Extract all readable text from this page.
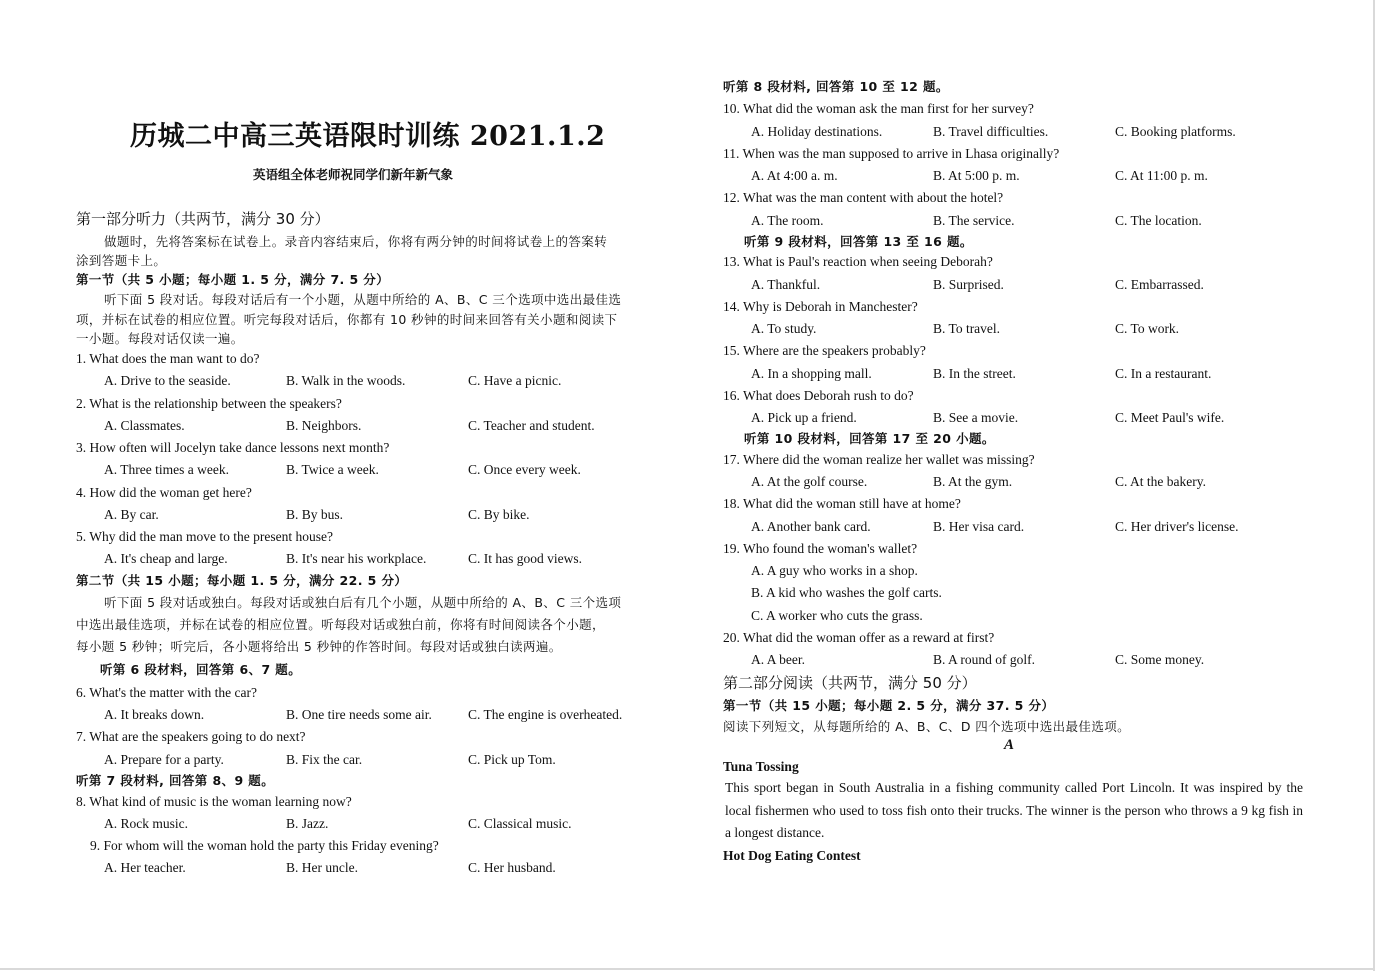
历城二中高三英语限时训练 2021.1.2
英语组全体老师祝同学们新年新气象
第一部分听力（共两节，满分 30 分）
做题时，先将答案标在试卷上。录音内容结束后，你将有两分钟的时间将试卷上的答案转
涂到答题卡上。
第一节（共 5 小题；每小题 1. 5 分，满分 7. 5 分）
听下面 5 段对话。每段对话后有一个小题，从题中所给的 A、B、C 三个选项中选出最佳选
项，并标在试卷的相应位置。听完每段对话后，你都有 10 秒钟的时间来回答有关小题和阅读下
一小题。每段对话仅读一遍。
1. What does the man want to do?
A. Drive to the seaside.	B. Walk in the woods.	C. Have a picnic.
2. What is the relationship between the speakers?
A. Classmates.	B. Neighbors.	C. Teacher and student.
3. How often will Jocelyn take dance lessons next month?
A. Three times a week.	B. Twice a week.	C. Once every week.
4. How did the woman get here?
A. By car.	B. By bus.	C. By bike.
5. Why did the man move to the present house?
A. It's cheap and large.	B. It's near his workplace.	C. It has good views.
第二节（共 15 小题；每小题 1. 5 分，满分 22. 5 分）
听下面 5 段对话或独白。每段对话或独白后有几个小题，从题中所给的 A、B、C 三个选项
中选出最佳选项，并标在试卷的相应位置。听每段对话或独白前，你将有时间阅读各个小题，
每小题 5 秒钟；听完后，各小题将给出 5 秒钟的作答时间。每段对话或独白读两遍。
听第 6 段材料，回答第 6、7 题。
6. What's the matter with the car?
A. It breaks down.	B. One tire needs some air.	C. The engine is overheated.
7. What are the speakers going to do next?
A. Prepare for a party.	B. Fix the car.	C. Pick up Tom.
听第 7 段材料, 回答第 8、9 题。
8. What kind of music is the woman learning now?
A. Rock music.	B. Jazz.	C. Classical music.
9. For whom will the woman hold the party this Friday evening?
A. Her teacher.	B. Her uncle.	C. Her husband.
听第 8 段材料, 回答第 10 至 12 题。
10. What did the woman ask the man first for her survey?
A. Holiday destinations.	B. Travel difficulties.	C. Booking platforms.
11. When was the man supposed to arrive in Lhasa originally?
A. At 4:00 a. m.	B. At 5:00 p. m.	C. At 11:00 p. m.
12. What was the man content with about the hotel?
A. The room.	B. The service.	C. The location.
听第 9 段材料，回答第 13 至 16 题。
13. What is Paul's reaction when seeing Deborah?
A. Thankful.	B. Surprised.	C. Embarrassed.
14. Why is Deborah in Manchester?
A. To study.	B. To travel.	C. To work.
15. Where are the speakers probably?
A. In a shopping mall.	B. In the street.	C. In a restaurant.
16. What does Deborah rush to do?
A. Pick up a friend.	B. See a movie.	C. Meet Paul's wife.
听第 10 段材料，回答第 17 至 20 小题。
17. Where did the woman realize her wallet was missing?
A. At the golf course.	B. At the gym.	C. At the bakery.
18. What did the woman still have at home?
A. Another bank card.	B. Her visa card.	C. Her driver's license.
19. Who found the woman's wallet?
A. A guy who works in a shop.
B. A kid who washes the golf carts.
C. A worker who cuts the grass.
20. What did the woman offer as a reward at first?
A. A beer.	B. A round of golf.	C. Some money.
第二部分阅读（共两节，满分 50 分）
第一节（共 15 小题；每小题 2. 5 分，满分 37. 5 分）
阅读下列短文，从每题所给的 A、B、C、D 四个选项中选出最佳选项。
A
Tuna Tossing
This sport began in South Australia in a fishing community called Port Lincoln. It was inspired by the local fishermen who used to toss fish onto their trucks. The winner is the person who throws a 9 kg fish in a longest distance.
Hot Dog Eating Contest
